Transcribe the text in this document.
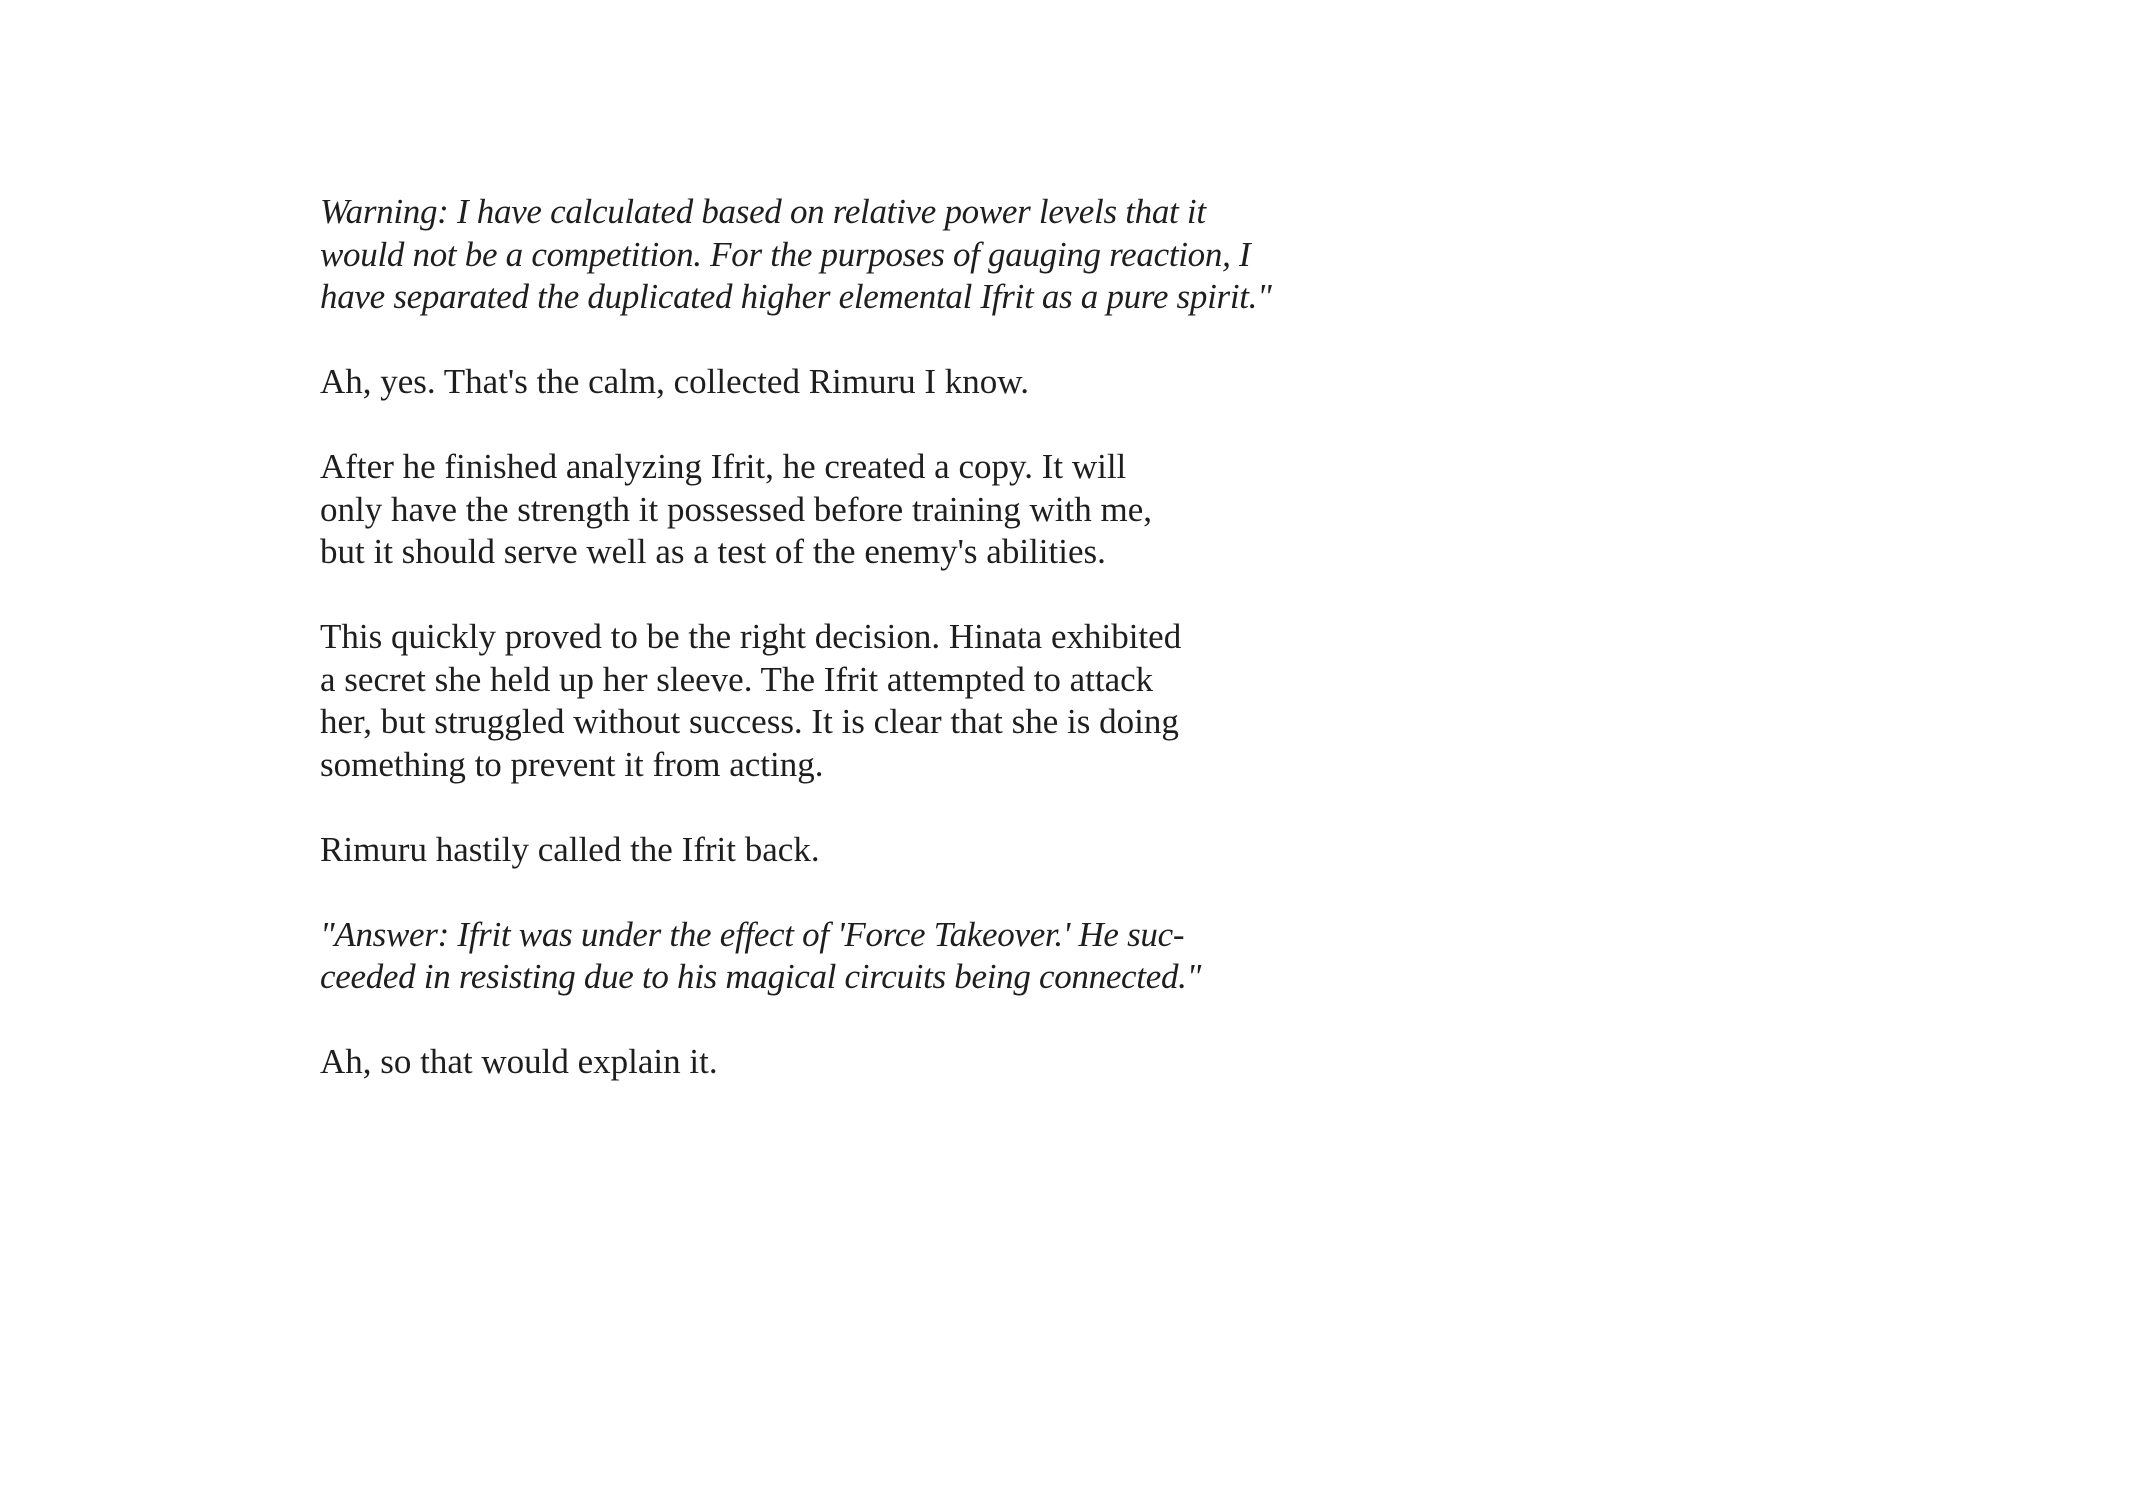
Warning: I have calculated based on relative power levels that it
would not be a competition. For the purposes of gauging reaction, I
have separated the duplicated higher elemental Ifrit as a pure spirit."

Ah, yes. That's the calm, collected Rimuru I know.

After he finished analyzing Ifrit, he created a copy. It will
only have the strength it possessed before training with me,
but it should serve well as a test of the enemy's abilities.

This quickly proved to be the right decision. Hinata exhibited
a secret she held up her sleeve. The Ifrit attempted to attack
her, but struggled without success. It is clear that she is doing
something to prevent it from acting.

Rimuru hastily called the Ifrit back.

"Answer: Ifrit was under the effect of 'Force Takeover.' He suc-
ceeded in resisting due to his magical circuits being connected."

Ah, so that would explain it.
